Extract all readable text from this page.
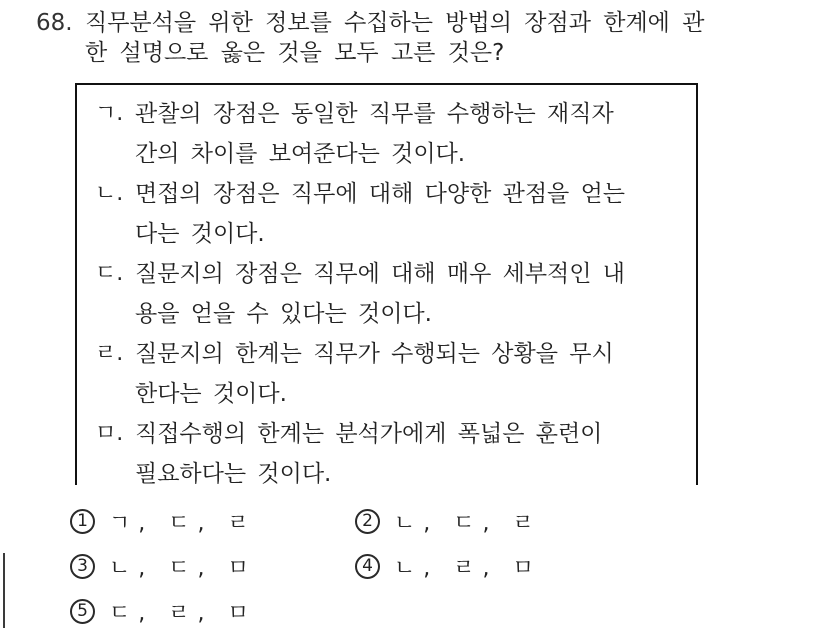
68. 직무분석을 위한 정보를 수집하는 방법의 장점과 한계에 관
한 설명으로 옳은 것을 모두 고른 것은?
ㄱ. 관찰의 장점은 동일한 직무를 수행하는 재직자
간의 차이를 보여준다는 것이다.
ㄴ. 면접의 장점은 직무에 대해 다양한 관점을 얻는
다는 것이다.
ㄷ. 질문지의 장점은 직무에 대해 매우 세부적인 내
용을 얻을 수 있다는 것이다.
ㄹ. 질문지의 한계는 직무가 수행되는 상황을 무시
한다는 것이다.
ㅁ. 직접수행의 한계는 분석가에게 폭넓은 훈련이
필요하다는 것이다.
1 ㄱ, ㄷ, ㄹ	2 ㄴ, ㄷ, ㄹ
3 ㄴ, ㄷ, ㅁ	4 ㄴ, ㄹ, ㅁ
5 ㄷ, ㄹ, ㅁ
